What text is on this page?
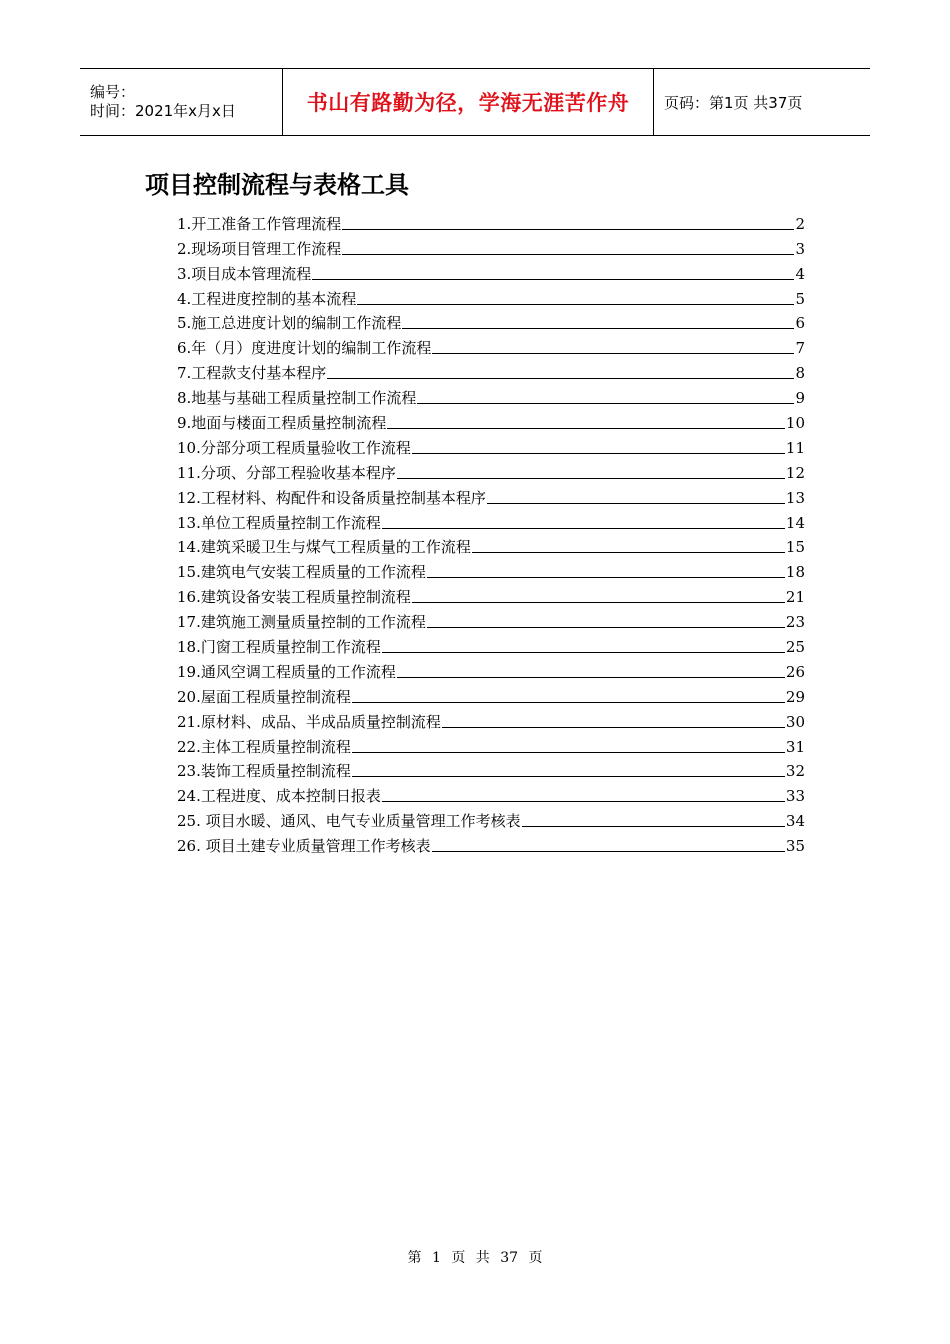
编号：
时间：2021年x月x日	书山有路勤为径，学海无涯苦作舟 页码：第1页 共37页
项目控制流程与表格工具
1.开工准备工作管理流程	2
2.现场项目管理工作流程	3
3.项目成本管理流程	4
4.工程进度控制的基本流程	5
5.施工总进度计划的编制工作流程	6
6.年（月）度进度计划的编制工作流程	7
7.工程款支付基本程序	8
8.地基与基础工程质量控制工作流程	9
9.地面与楼面工程质量控制流程	10
10.分部分项工程质量验收工作流程	11
11.分项、分部工程验收基本程序	12
12.工程材料、构配件和设备质量控制基本程序	13
13.单位工程质量控制工作流程	14
14.建筑采暖卫生与煤气工程质量的工作流程	15
15.建筑电气安装工程质量的工作流程	18
16.建筑设备安装工程质量控制流程	21
17.建筑施工测量质量控制的工作流程	23
18.门窗工程质量控制工作流程	25
19.通风空调工程质量的工作流程	26
20.屋面工程质量控制流程	29
21.原材料、成品、半成品质量控制流程	30
22.主体工程质量控制流程	31
23.装饰工程质量控制流程	32
24.工程进度、成本控制日报表	33
25. 项目水暖、通风、电气专业质量管理工作考核表	34
26. 项目土建专业质量管理工作考核表	35
第 1 页 共 37 页
